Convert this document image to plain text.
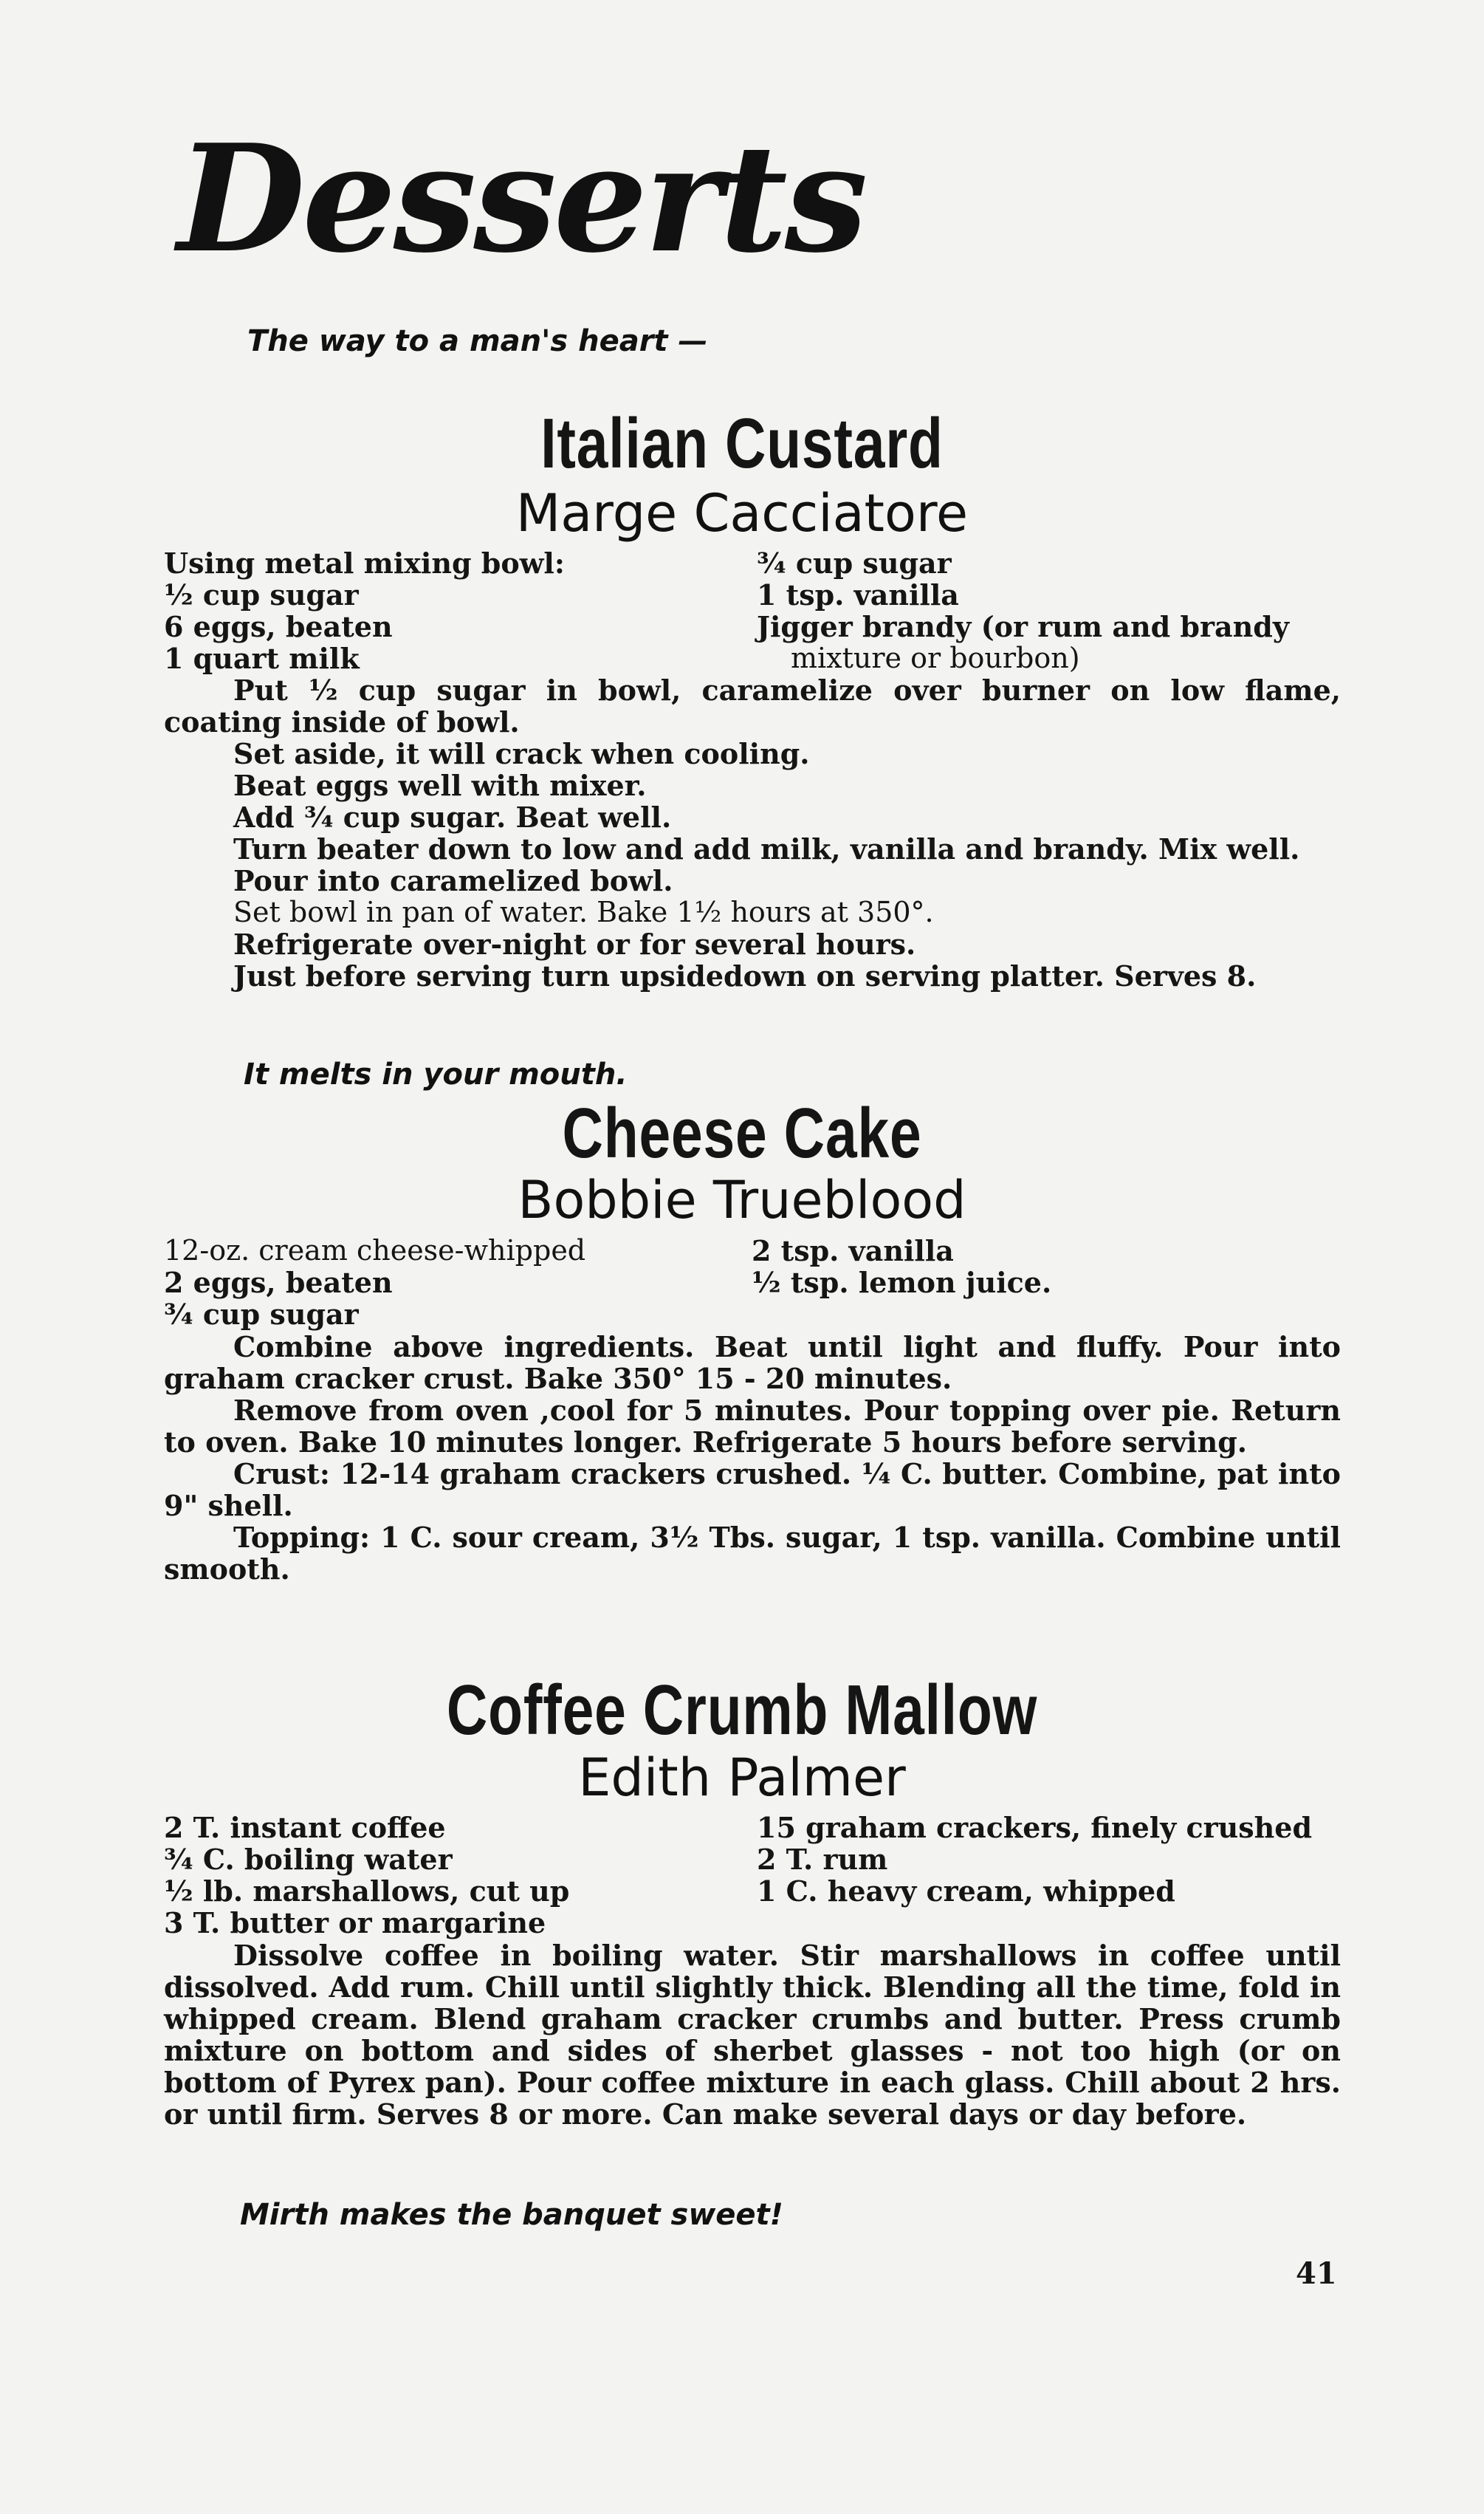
Desserts
The way to a man's heart —
Italian Custard
Marge Cacciatore
Using metal mixing bowl:
½ cup sugar
6 eggs, beaten
1 quart milk
¾ cup sugar
1 tsp. vanilla
Jigger brandy (or rum and brandy
mixture or bourbon)

Put ½ cup sugar in bowl, caramelize over burner on low flame, coating inside of bowl.

Set aside, it will crack when cooling.

Beat eggs well with mixer.

Add ¾ cup sugar. Beat well.

Turn beater down to low and add milk, vanilla and brandy. Mix well.

Pour into caramelized bowl.

Set bowl in pan of water. Bake 1½ hours at 350°.

Refrigerate over-night or for several hours.

Just before serving turn upsidedown on serving platter. Serves 8.

It melts in your mouth.
Cheese Cake
Bobbie Trueblood
12-oz. cream cheese-whipped
2 eggs, beaten
¾ cup sugar
2 tsp. vanilla
½ tsp. lemon juice.

Combine above ingredients. Beat until light and fluffy. Pour into graham cracker crust. Bake 350° 15 - 20 minutes.

Remove from oven ,cool for 5 minutes. Pour topping over pie. Return to oven. Bake 10 minutes longer. Refrigerate 5 hours before serving.

Crust: 12-14 graham crackers crushed. ¼ C. butter. Combine, pat into 9" shell.

Topping: 1 C. sour cream, 3½ Tbs. sugar, 1 tsp. vanilla. Combine until smooth.

Coffee Crumb Mallow
Edith Palmer
2 T. instant coffee
¾ C. boiling water
½ lb. marshallows, cut up
3 T. butter or margarine
15 graham crackers, finely crushed
2 T. rum
1 C. heavy cream, whipped

Dissolve coffee in boiling water. Stir marshallows in coffee until dissolved. Add rum. Chill until slightly thick. Blending all the time, fold in whipped cream. Blend graham cracker crumbs and butter. Press crumb mixture on bottom and sides of sherbet glasses - not too high (or on bottom of Pyrex pan). Pour coffee mixture in each glass. Chill about 2 hrs. or until firm. Serves 8 or more. Can make several days or day before.

Mirth makes the banquet sweet!
41
